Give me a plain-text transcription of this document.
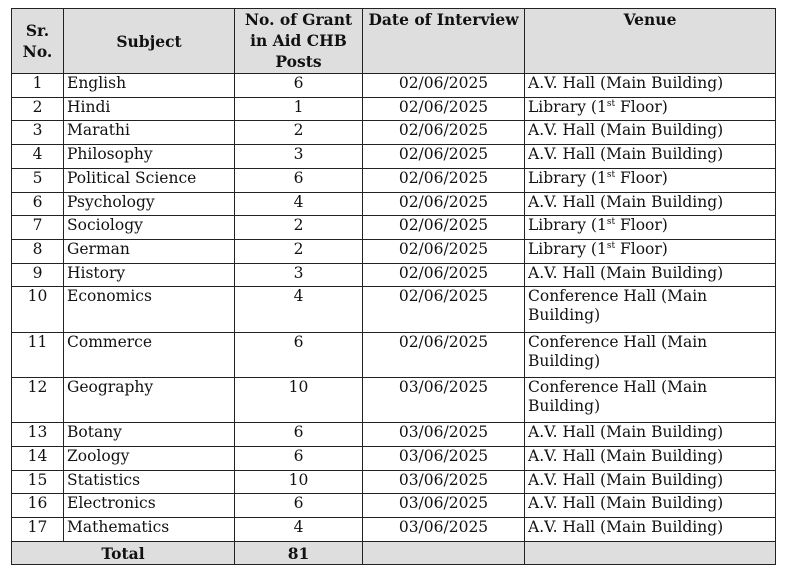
Sr. No.	Subject	No. of Grant in Aid CHB Posts	Date of Interview	Venue
1	English	6	02/06/2025	A.V. Hall (Main Building)
2	Hindi	1	02/06/2025	Library (1st Floor)
3	Marathi	2	02/06/2025	A.V. Hall (Main Building)
4	Philosophy	3	02/06/2025	A.V. Hall (Main Building)
5	Political Science	6	02/06/2025	Library (1st Floor)
6	Psychology	4	02/06/2025	A.V. Hall (Main Building)
7	Sociology	2	02/06/2025	Library (1st Floor)
8	German	2	02/06/2025	Library (1st Floor)
9	History	3	02/06/2025	A.V. Hall (Main Building)
10	Economics	4	02/06/2025	Conference Hall (Main Building)
11	Commerce	6	02/06/2025	Conference Hall (Main Building)
12	Geography	10	03/06/2025	Conference Hall (Main Building)
13	Botany	6	03/06/2025	A.V. Hall (Main Building)
14	Zoology	6	03/06/2025	A.V. Hall (Main Building)
15	Statistics	10	03/06/2025	A.V. Hall (Main Building)
16	Electronics	6	03/06/2025	A.V. Hall (Main Building)
17	Mathematics	4	03/06/2025	A.V. Hall (Main Building)
Total		81		
